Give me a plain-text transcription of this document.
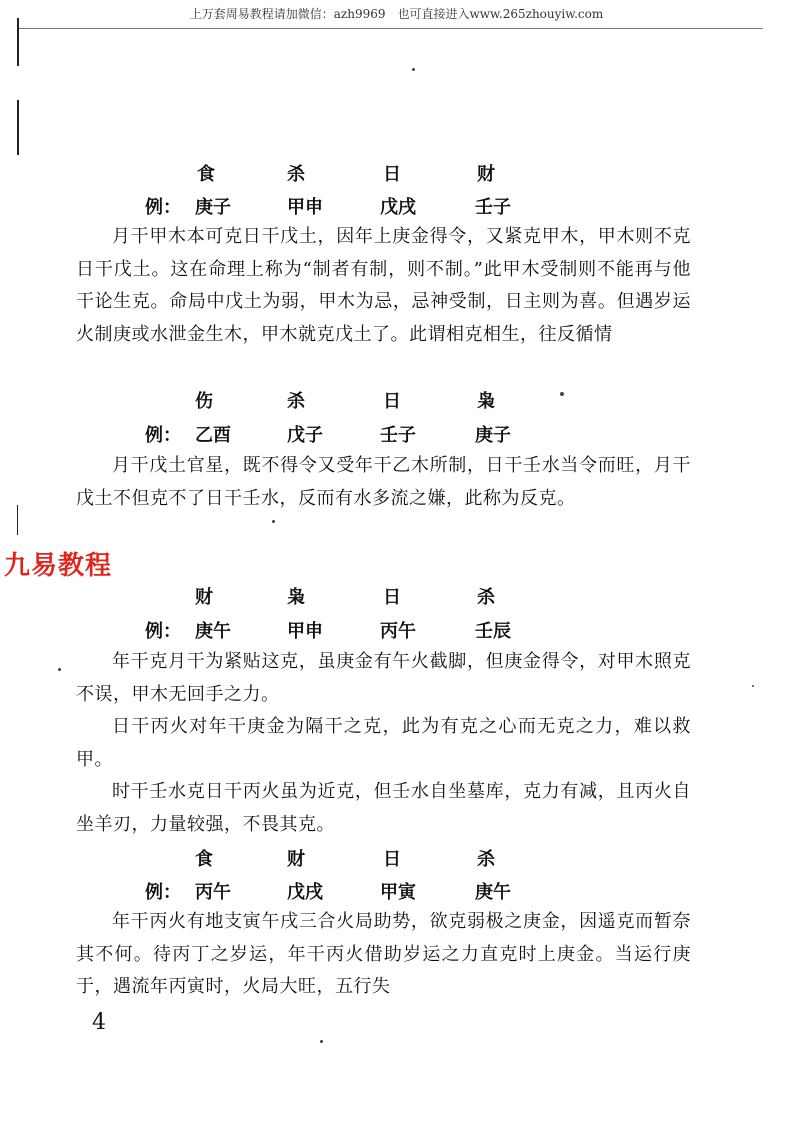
上万套周易教程请加微信：azh9969　也可直接进入www.265zhouyiw.com
九易教程
食	杀	日	财
例： 庚子	甲申	戊戌	壬子
月干甲木本可克日干戊土，因年上庚金得令，又紧克甲木，甲木则不克日干戊土。这在命理上称为“制者有制，则不制。”此甲木受制则不能再与他干论生克。命局中戊土为弱，甲木为忌，忌神受制，日主则为喜。但遇岁运火制庚或水泄金生木，甲木就克戊土了。此谓相克相生，往反循情
伤	杀	日	枭
例： 乙酉	戊子	壬子	庚子
月干戊土官星，既不得令又受年干乙木所制，日干壬水当令而旺，月干戊土不但克不了日干壬水，反而有水多流之嫌，此称为反克。
财	枭	日	杀
例： 庚午	甲申	丙午	壬辰
年干克月干为紧贴这克，虽庚金有午火截脚，但庚金得令，对甲木照克不误，甲木无回手之力。
日干丙火对年干庚金为隔干之克，此为有克之心而无克之力，难以救甲。
时干壬水克日干丙火虽为近克，但壬水自坐墓库，克力有减，且丙火自坐羊刃，力量较强，不畏其克。
食	财	日	杀
例： 丙午	戊戌	甲寅	庚午
年干丙火有地支寅午戌三合火局助势，欲克弱极之庚金，因遥克而暂奈其不何。待丙丁之岁运，年干丙火借助岁运之力直克时上庚金。当运行庚于，遇流年丙寅时，火局大旺，五行失
4
